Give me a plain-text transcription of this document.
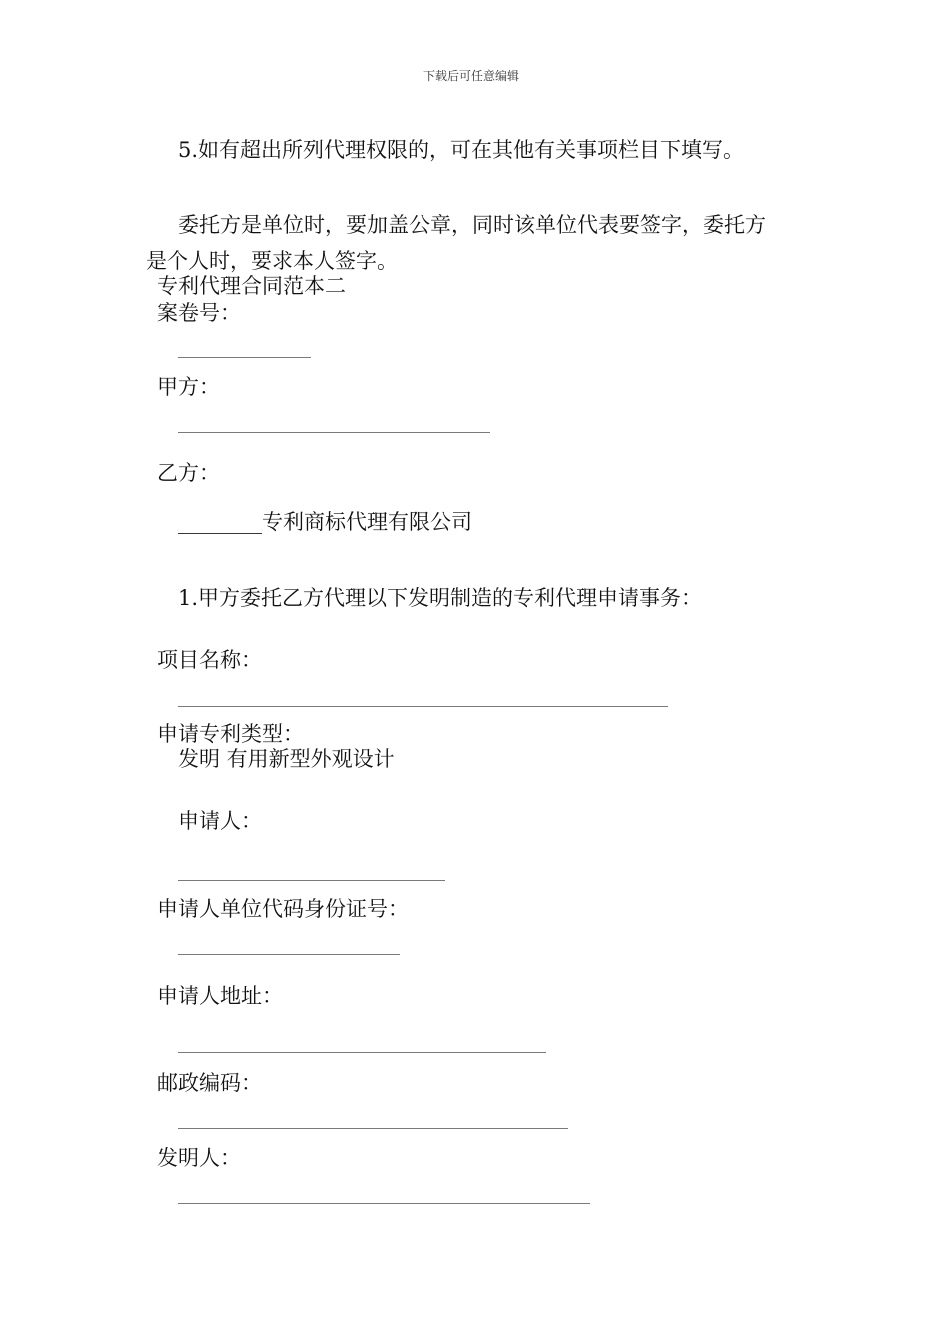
下载后可任意编辑
5.如有超出所列代理权限的，可在其他有关事项栏目下填写。
委托方是单位时，要加盖公章，同时该单位代表要签字，委托方
是个人时，要求本人签字。
专利代理合同范本二
案卷号：
甲方：
乙方：
________专利商标代理有限公司
1.甲方委托乙方代理以下发明制造的专利代理申请事务：
项目名称：
申请专利类型：
发明 有用新型外观设计
申请人：
申请人单位代码身份证号：
申请人地址：
邮政编码：
发明人：
